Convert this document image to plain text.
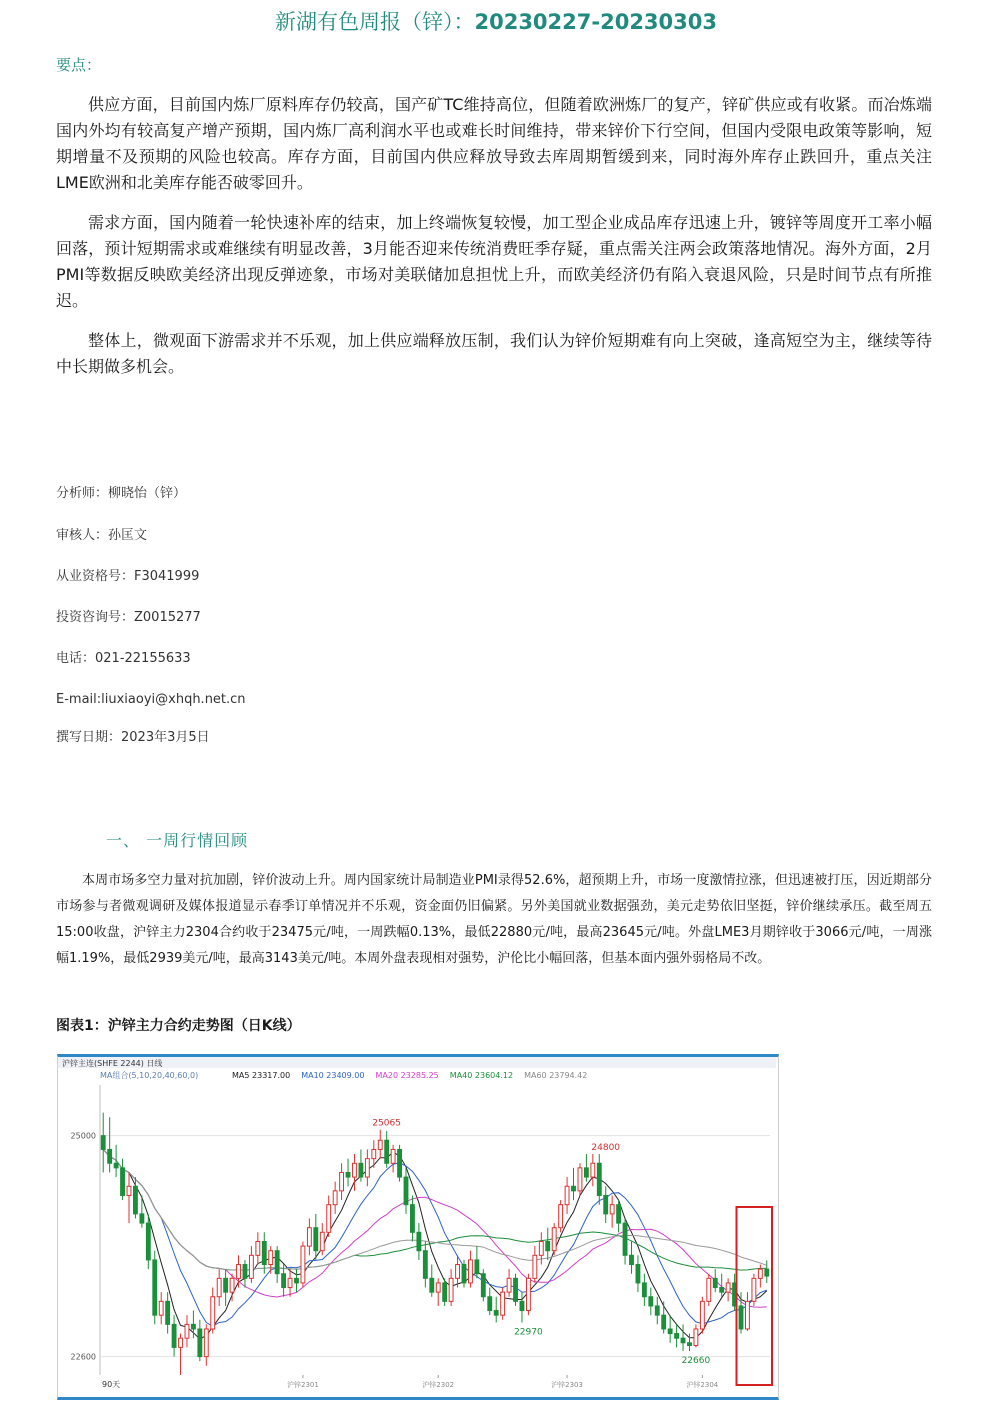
新湖有色周报（锌）：20230227-20230303
要点：

供应方面，目前国内炼厂原料库存仍较高，国产矿TC维持高位，但随着欧洲炼厂的复产，锌矿供应或有收紧。而冶炼端国内外均有较高复产增产预期，国内炼厂高利润水平也或难长时间维持，带来锌价下行空间，但国内受限电政策等影响，短期增量不及预期的风险也较高。库存方面，目前国内供应释放导致去库周期暂缓到来，同时海外库存止跌回升，重点关注LME欧洲和北美库存能否破零回升。

需求方面，国内随着一轮快速补库的结束，加上终端恢复较慢，加工型企业成品库存迅速上升，镀锌等周度开工率小幅回落，预计短期需求或难继续有明显改善，3月能否迎来传统消费旺季存疑，重点需关注两会政策落地情况。海外方面，2月PMI等数据反映欧美经济出现反弹迹象，市场对美联储加息担忧上升，而欧美经济仍有陷入衰退风险，只是时间节点有所推迟。

整体上，微观面下游需求并不乐观，加上供应端释放压制，我们认为锌价短期难有向上突破，逢高短空为主，继续等待中长期做多机会。

分析师：柳晓怡（锌）
审核人：孙匡文
从业资格号：F3041999
投资咨询号：Z0015277
电话：021-22155633
E-mail:liuxiaoyi@xhqh.net.cn
撰写日期：2023年3月5日
一、 一周行情回顾

本周市场多空力量对抗加剧，锌价波动上升。周内国家统计局制造业PMI录得52.6%，超预期上升，市场一度激情拉涨，但迅速被打压，因近期部分市场参与者微观调研及媒体报道显示春季订单情况并不乐观，资金面仍旧偏紧。另外美国就业数据强劲，美元走势依旧坚挺，锌价继续承压。截至周五15:00收盘，沪锌主力2304合约收于23475元/吨，一周跌幅0.13%，最低22880元/吨，最高23645元/吨。外盘LME3月期锌收于3066元/吨，一周涨幅1.19%，最低2939美元/吨，最高3143美元/吨。本周外盘表现相对强势，沪伦比小幅回落，但基本面内强外弱格局不改。

图表1：沪锌主力合约走势图（日K线）
沪锌主连(SHFE 2244) 日线
MA组合(5,10,20,40,60,0)	MA5 23317.00 MA10 23409.00 MA20 23285.25 MA40 23604.12 MA60 23794.42
22600
25000
沪锌2301	沪锌2302	沪锌2303	沪锌2304
90天
25065
24800
22970
22660
